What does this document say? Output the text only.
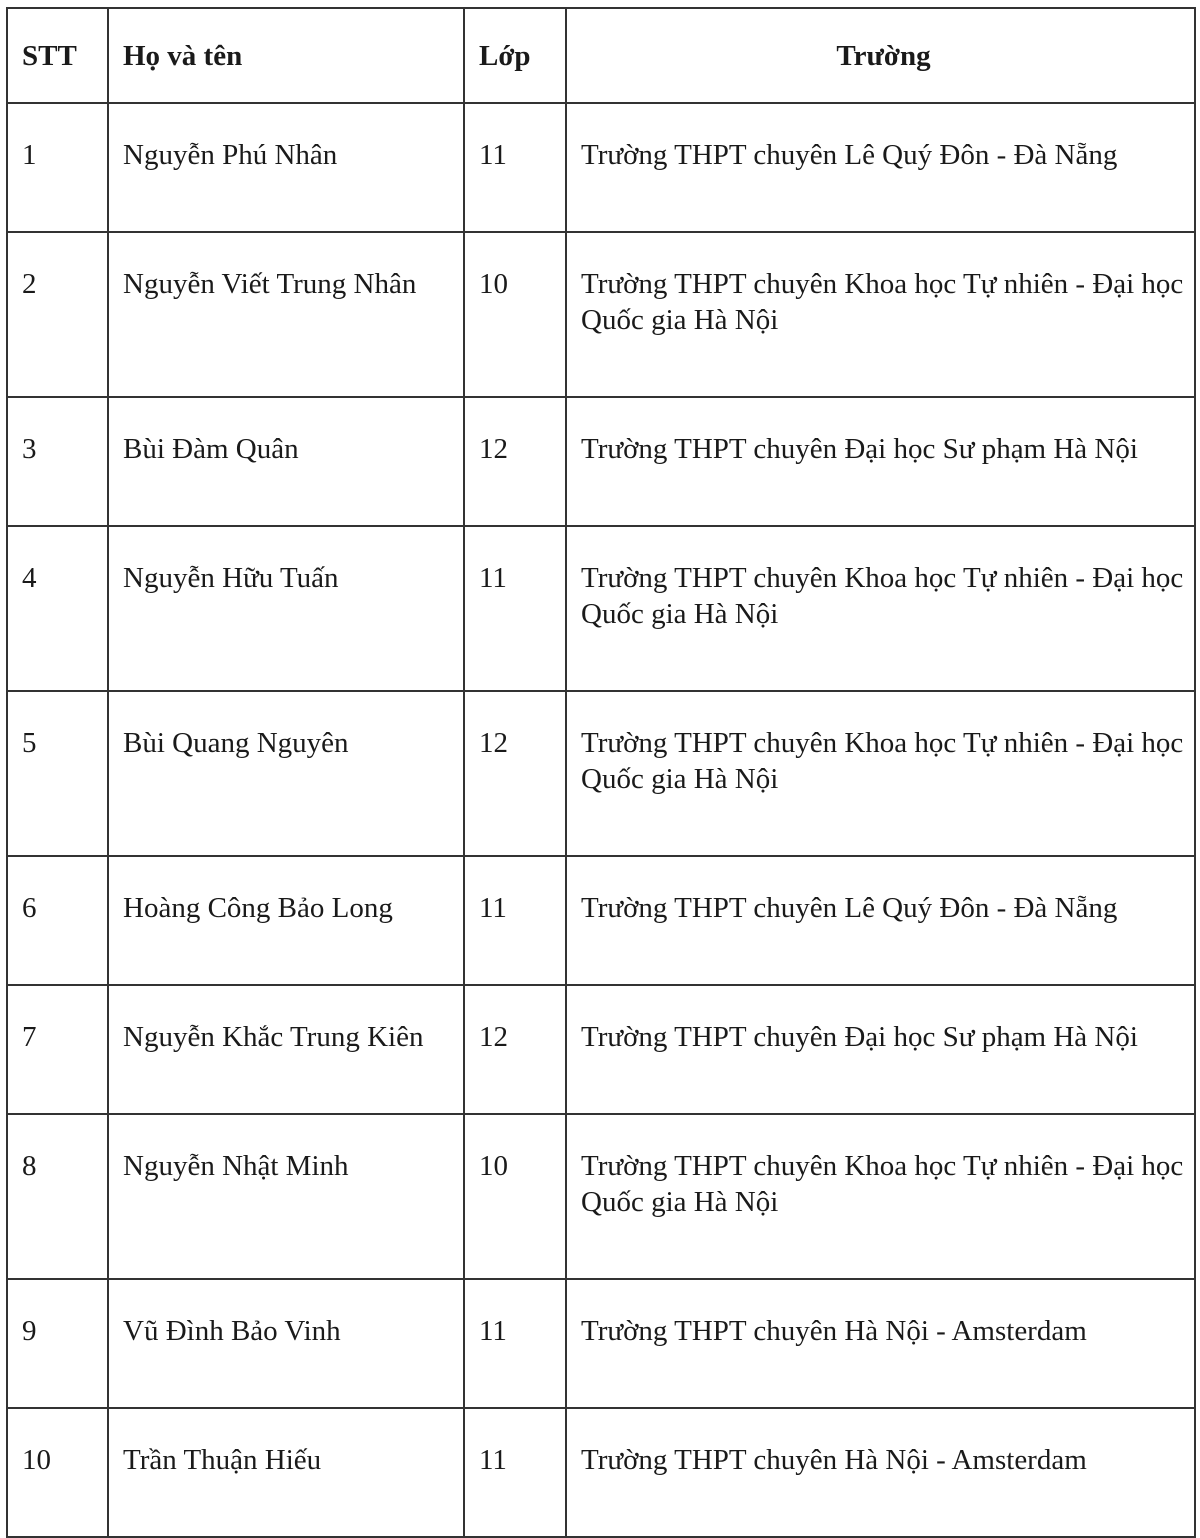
STT	Họ và tên	Lớp	Trường
1	Nguyễn Phú Nhân	11	Trường THPT chuyên Lê Quý Đôn - Đà Nẵng
2	Nguyễn Viết Trung Nhân	10	Trường THPT chuyên Khoa học Tự nhiên - Đại học Quốc gia Hà Nội
3	Bùi Đàm Quân	12	Trường THPT chuyên Đại học Sư phạm Hà Nội
4	Nguyễn Hữu Tuấn	11	Trường THPT chuyên Khoa học Tự nhiên - Đại học Quốc gia Hà Nội
5	Bùi Quang Nguyên	12	Trường THPT chuyên Khoa học Tự nhiên - Đại học Quốc gia Hà Nội
6	Hoàng Công Bảo Long	11	Trường THPT chuyên Lê Quý Đôn - Đà Nẵng
7	Nguyễn Khắc Trung Kiên	12	Trường THPT chuyên Đại học Sư phạm Hà Nội
8	Nguyễn Nhật Minh	10	Trường THPT chuyên Khoa học Tự nhiên - Đại học Quốc gia Hà Nội
9	Vũ Đình Bảo Vinh	11	Trường THPT chuyên Hà Nội - Amsterdam
10	Trần Thuận Hiếu	11	Trường THPT chuyên Hà Nội - Amsterdam
